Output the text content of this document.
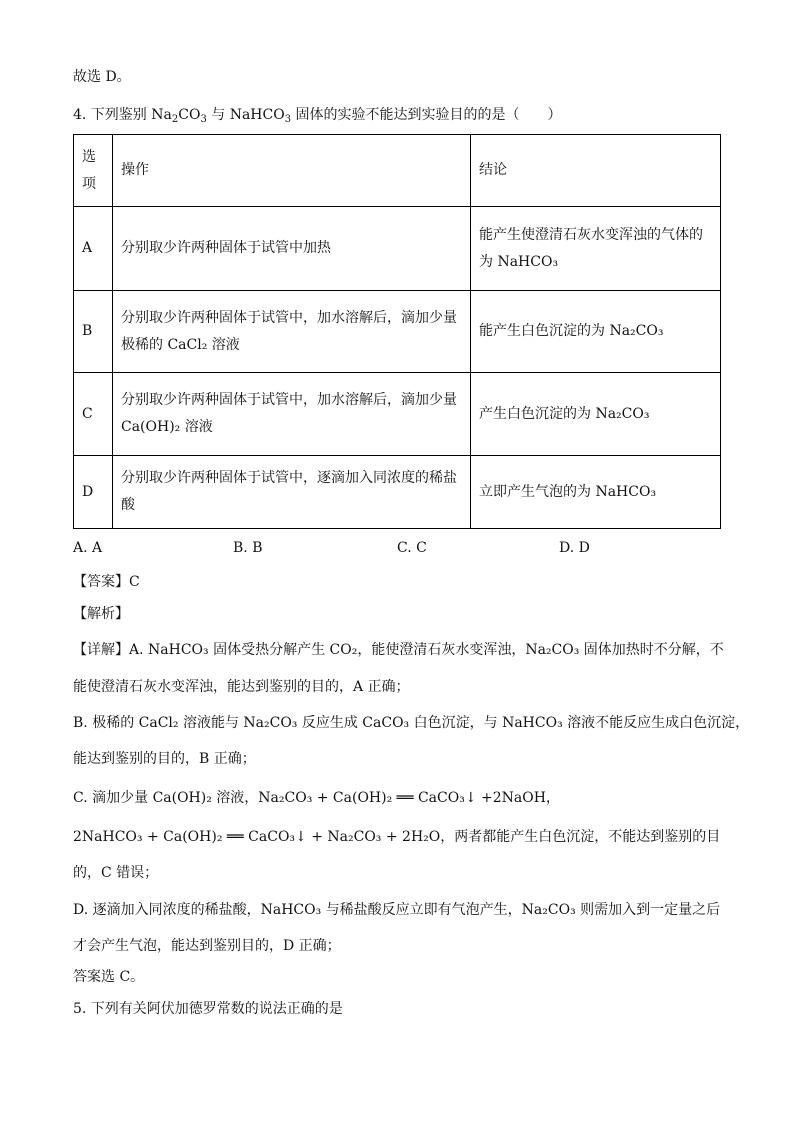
故选 D。
4. 下列鉴别 $Na_2CO_3$ 与 NaHCO$_3$ 固体的实验不能达到实验目的的是（　　）
选项	操作	结论
A	分别取少许两种固体于试管中加热	能产生使澄清石灰水变浑浊的气体的
为 NaHCO₃

B	分别取少许两种固体于试管中，加水溶解后，滴加少量
极稀的 CaCl₂ 溶液	能产生白色沉淀的为 Na₂CO₃

C	分别取少许两种固体于试管中，加水溶解后，滴加少量
Ca(OH)₂ 溶液	产生白色沉淀的为 Na₂CO₃

D	分别取少许两种固体于试管中，逐滴加入同浓度的稀盐
酸	立即产生气泡的为 NaHCO₃
A. A	B. B	C. C	D. D
【答案】C
【解析】
【详解】A. NaHCO₃ 固体受热分解产生 CO₂，能使澄清石灰水变浑浊，Na₂CO₃ 固体加热时不分解，不
能使澄清石灰水变浑浊，能达到鉴别的目的，A 正确；
B. 极稀的 CaCl₂ 溶液能与 Na₂CO₃ 反应生成 CaCO₃ 白色沉淀，与 NaHCO₃ 溶液不能反应生成白色沉淀，
能达到鉴别的目的，B 正确；
C. 滴加少量 Ca(OH)₂ 溶液，Na₂CO₃ + Ca(OH)₂ ══ CaCO₃↓ +2NaOH，
2NaHCO₃ + Ca(OH)₂ ══ CaCO₃↓ + Na₂CO₃ + 2H₂O，两者都能产生白色沉淀，不能达到鉴别的目
的，C 错误；
D. 逐滴加入同浓度的稀盐酸，NaHCO₃ 与稀盐酸反应立即有气泡产生，Na₂CO₃ 则需加入到一定量之后
才会产生气泡，能达到鉴别目的，D 正确；
答案选 C。
5. 下列有关阿伏加德罗常数的说法正确的是
